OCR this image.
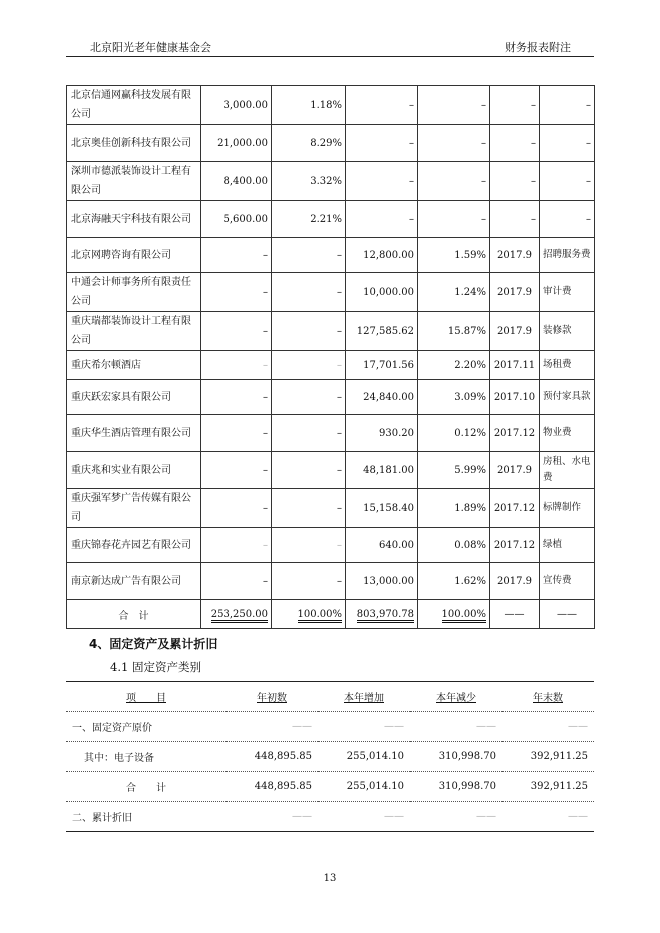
北京阳光老年健康基金会	财务报表附注
北京信通网赢科技发展有限公司	3,000.00	1.18%	–	–	–	–
北京奥佳创新科技有限公司	21,000.00	8.29%	–	–	–	–
深圳市德派装饰设计工程有限公司	8,400.00	3.32%	–	–	–	–
北京海融天宇科技有限公司	5,600.00	2.21%	–	–	–	–
北京网聘咨询有限公司	–	–	12,800.00	1.59%	2017.9	招聘服务费
中通会计师事务所有限责任公司	–	–	10,000.00	1.24%	2017.9	审计费
重庆瑞都装饰设计工程有限公司	–	–	127,585.62	15.87%	2017.9	装修款
重庆希尔顿酒店	–	–	17,701.56	2.20%	2017.11	场租费
重庆跃宏家具有限公司	–	–	24,840.00	3.09%	2017.10	预付家具款
重庆华生酒店管理有限公司	–	–	930.20	0.12%	2017.12	物业费
重庆兆和实业有限公司	–	–	48,181.00	5.99%	2017.9	房租、水电费
重庆强军梦广告传媒有限公司	–	–	15,158.40	1.89%	2017.12	标牌制作
重庆锦春花卉园艺有限公司	–	–	640.00	0.08%	2017.12	绿植
南京新达成广告有限公司	–	–	13,000.00	1.62%	2017.9	宣传费
合　计	253,250.00	100.00%	803,970.78	100.00%	——	——
4、固定资产及累计折旧
4.1 固定资产类别
项　　目	年初数	本年增加	本年减少	年末数
一、固定资产原价	——	——	——	——
其中：电子设备	448,895.85	255,014.10	310,998.70	392,911.25
合　　计	448,895.85	255,014.10	310,998.70	392,911.25
二、累计折旧	——	——	——	——
13
